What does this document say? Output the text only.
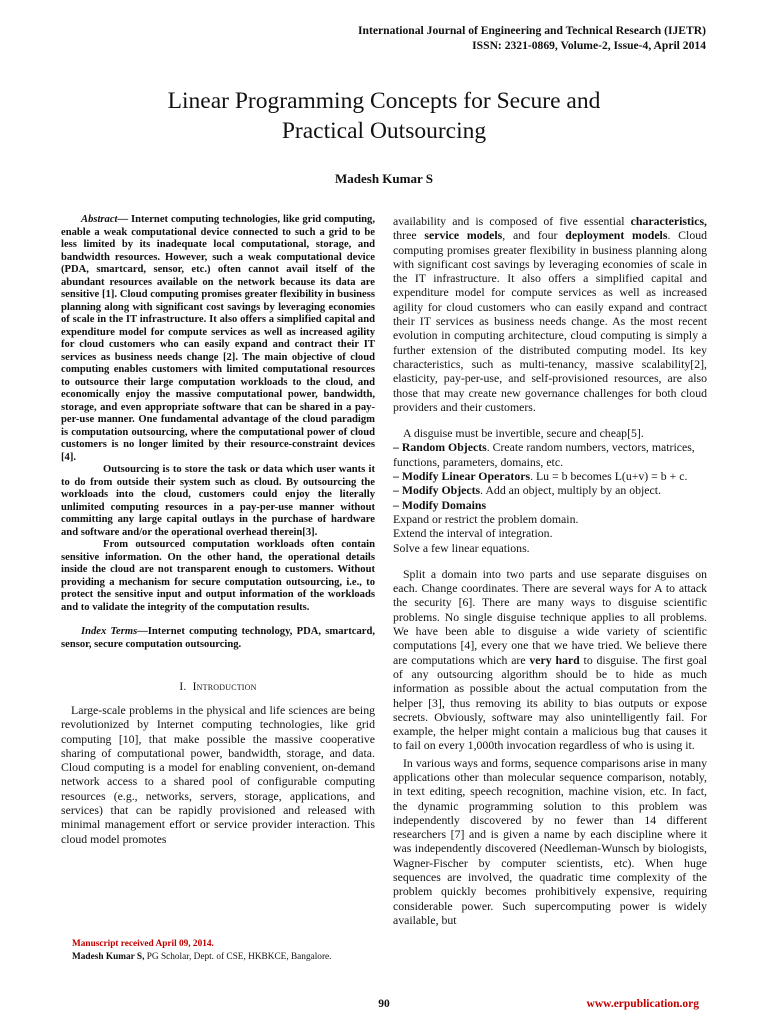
International Journal of Engineering and Technical Research (IJETR)
ISSN: 2321-0869, Volume-2, Issue-4, April 2014
Linear Programming Concepts for Secure and
Practical Outsourcing
Madesh Kumar S

Abstract— Internet computing technologies, like grid computing, enable a weak computational device connected to such a grid to be less limited by its inadequate local computational, storage, and bandwidth resources. However, such a weak computational device (PDA, smartcard, sensor, etc.) often cannot avail itself of the abundant resources available on the network because its data are sensitive [1]. Cloud computing promises greater flexibility in business planning along with significant cost savings by leveraging economies of scale in the IT infrastructure. It also offers a simplified capital and expenditure model for compute services as well as increased agility for cloud customers who can easily expand and contract their IT services as business needs change [2]. The main objective of cloud computing enables customers with limited computational resources to outsource their large computation workloads to the cloud, and economically enjoy the massive computational power, bandwidth, storage, and even appropriate software that can be shared in a pay-per-use manner. One fundamental advantage of the cloud paradigm is computation outsourcing, where the computational power of cloud customers is no longer limited by their resource-constraint devices [4].

Outsourcing is to store the task or data which user wants it to do from outside their system such as cloud. By outsourcing the workloads into the cloud, customers could enjoy the literally unlimited computing resources in a pay-per-use manner without committing any large capital outlays in the purchase of hardware and software and/or the operational overhead therein[3].

From outsourced computation workloads often contain sensitive information. On the other hand, the operational details inside the cloud are not transparent enough to customers. Without providing a mechanism for secure computation outsourcing, i.e., to protect the sensitive input and output information of the workloads and to validate the integrity of the computation results.

Index Terms—Internet computing technology, PDA, smartcard, sensor, secure computation outsourcing.

I. Introduction

Large-scale problems in the physical and life sciences are being revolutionized by Internet computing technologies, like grid computing [10], that make possible the massive cooperative sharing of computational power, bandwidth, storage, and data. Cloud computing is a model for enabling convenient, on-demand network access to a shared pool of configurable computing resources (e.g., networks, servers, storage, applications, and services) that can be rapidly provisioned and released with minimal management effort or service provider interaction. This cloud model promotes

Manuscript received April 09, 2014.
Madesh Kumar S, PG Scholar, Dept. of CSE, HKBKCE, Bangalore.

availability and is composed of five essential characteristics, three service models, and four deployment models. Cloud computing promises greater flexibility in business planning along with significant cost savings by leveraging economies of scale in the IT infrastructure. It also offers a simplified capital and expenditure model for compute services as well as increased agility for cloud customers who can easily expand and contract their IT services as business needs change. As the most recent evolution in computing architecture, cloud computing is simply a further extension of the distributed computing model. Its key characteristics, such as multi-tenancy, massive scalability[2], elasticity, pay-per-use, and self-provisioned resources, are also those that may create new governance challenges for both cloud providers and their customers.

A disguise must be invertible, secure and cheap[5].

– Random Objects. Create random numbers, vectors, matrices, functions, parameters, domains, etc.

– Modify Linear Operators. Lu = b becomes L(u+v) = b + c.

– Modify Objects. Add an object, multiply by an object.

– Modify Domains

Expand or restrict the problem domain.

Extend the interval of integration.

Solve a few linear equations.

Split a domain into two parts and use separate disguises on each. Change coordinates. There are several ways for A to attack the security [6]. There are many ways to disguise scientific problems. No single disguise technique applies to all problems. We have been able to disguise a wide variety of scientific computations [4], every one that we have tried. We believe there are computations which are very hard to disguise. The first goal of any outsourcing algorithm should be to hide as much information as possible about the actual computation from the helper [3], thus removing its ability to bias outputs or expose secrets. Obviously, software may also unintelligently fail. For example, the helper might contain a malicious bug that causes it to fail on every 1,000th invocation regardless of who is using it.

In various ways and forms, sequence comparisons arise in many applications other than molecular sequence comparison, notably, in text editing, speech recognition, machine vision, etc. In fact, the dynamic programming solution to this problem was independently discovered by no fewer than 14 different researchers [7] and is given a name by each discipline where it was independently discovered (Needleman-Wunsch by biologists, Wagner-Fischer by computer scientists, etc). When huge sequences are involved, the quadratic time complexity of the problem quickly becomes prohibitively expensive, requiring considerable power. Such supercomputing power is widely available, but

90	www.erpublication.org
